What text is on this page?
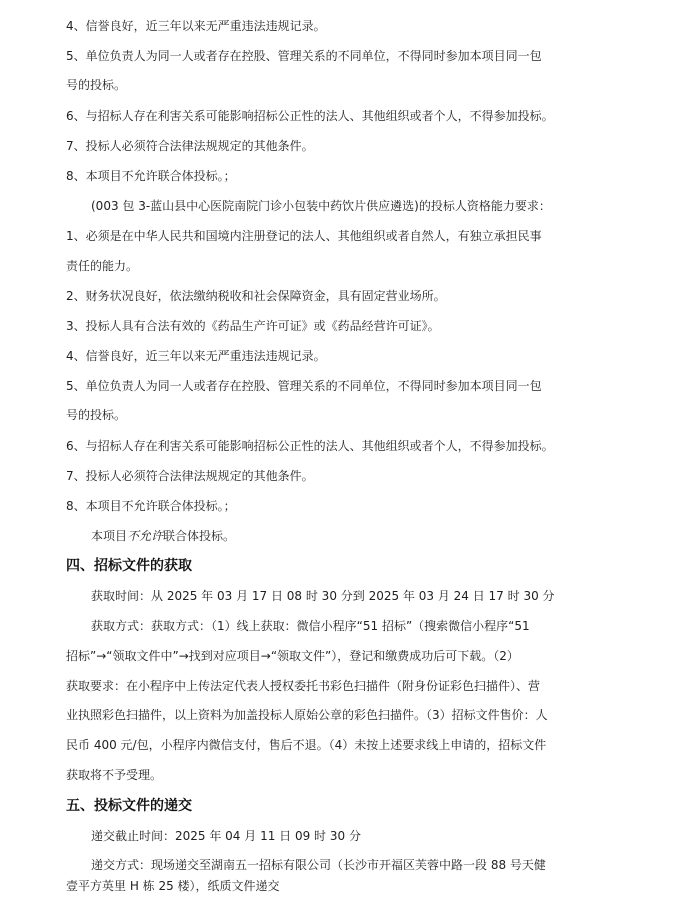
4、信誉良好，近三年以来无严重违法违规记录。
5、单位负责人为同一人或者存在控股、管理关系的不同单位，不得同时参加本项目同一包
号的投标。
6、与招标人存在利害关系可能影响招标公正性的法人、其他组织或者个人，不得参加投标。
7、投标人必须符合法律法规规定的其他条件。
8、本项目不允许联合体投标。；
(003 包 3-蓝山县中心医院南院门诊小包装中药饮片供应遴选)的投标人资格能力要求：
1、必须是在中华人民共和国境内注册登记的法人、其他组织或者自然人，有独立承担民事
责任的能力。
2、财务状况良好，依法缴纳税收和社会保障资金，具有固定营业场所。
3、投标人具有合法有效的《药品生产许可证》或《药品经营许可证》。
4、信誉良好，近三年以来无严重违法违规记录。
5、单位负责人为同一人或者存在控股、管理关系的不同单位，不得同时参加本项目同一包
号的投标。
6、与招标人存在利害关系可能影响招标公正性的法人、其他组织或者个人，不得参加投标。
7、投标人必须符合法律法规规定的其他条件。
8、本项目不允许联合体投标。；
本项目不允许联合体投标。
四、招标文件的获取
获取时间：从 2025 年 03 月 17 日 08 时 30 分到 2025 年 03 月 24 日 17 时 30 分
获取方式：获取方式：（1）线上获取：微信小程序“51 招标”（搜索微信小程序“51
招标”→“领取文件中”→找到对应项目→“领取文件”），登记和缴费成功后可下载。（2）
获取要求：在小程序中上传法定代表人授权委托书彩色扫描件（附身份证彩色扫描件）、营
业执照彩色扫描件，以上资料为加盖投标人原始公章的彩色扫描件。（3）招标文件售价：人
民币 400 元/包，小程序内微信支付，售后不退。（4）未按上述要求线上申请的，招标文件
获取将不予受理。
五、投标文件的递交
递交截止时间：2025 年 04 月 11 日 09 时 30 分
递交方式：现场递交至湖南五一招标有限公司（长沙市开福区芙蓉中路一段 88 号天健
壹平方英里 H 栋 25 楼），纸质文件递交
